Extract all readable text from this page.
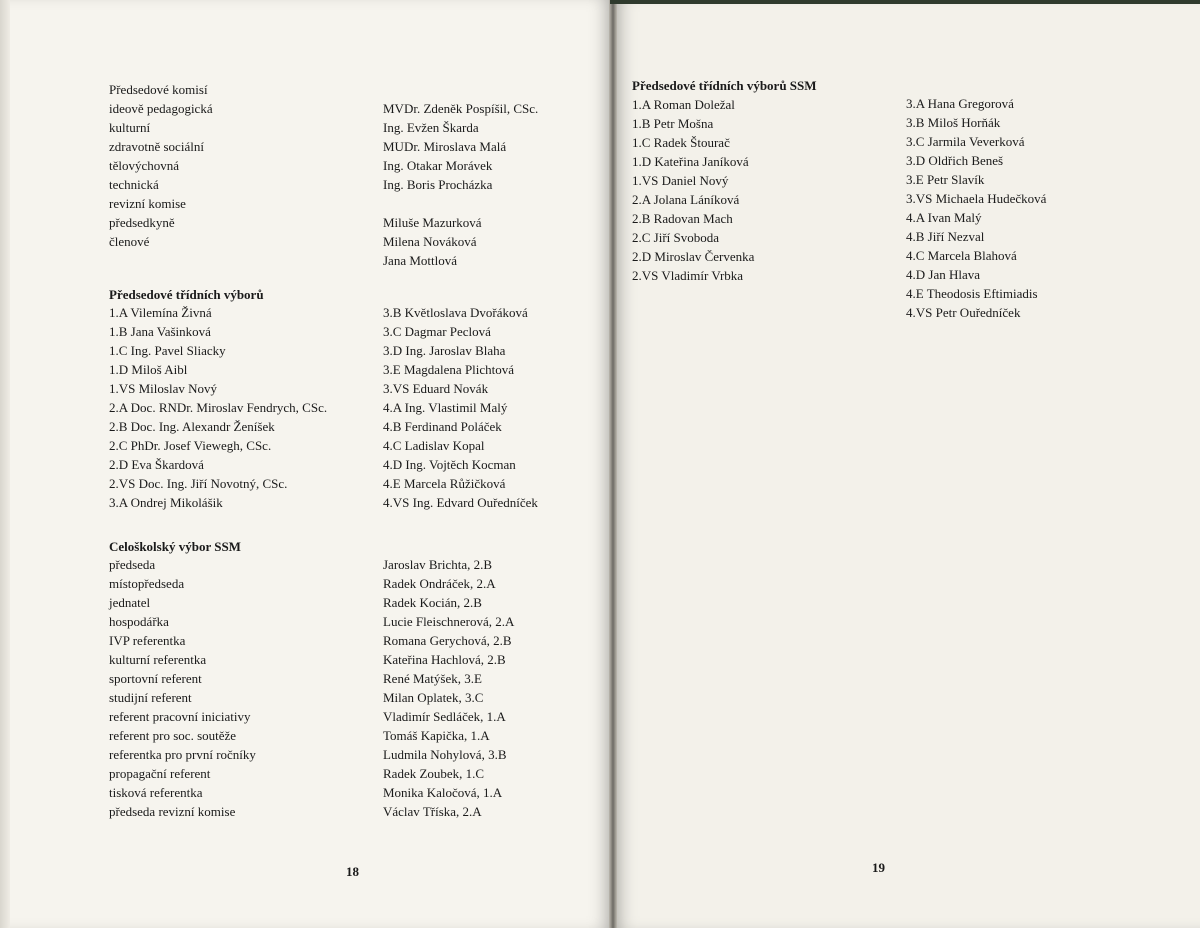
Předsedové komisí
ideově pedagogická
kulturní
zdravotně sociální
tělovýchovná
technická
revizní komise
předsedkyně
členové
MVDr. Zdeněk Pospíšil, CSc.
Ing. Evžen Škarda
MUDr. Miroslava Malá
Ing. Otakar Morávek
Ing. Boris Procházka
Miluše Mazurková
Milena Nováková
Jana Mottlová
Předsedové třídních výborů
1.A Vilemína Živná
1.B Jana Vašinková
1.C Ing. Pavel Sliacky
1.D Miloš Aibl
1.VS Miloslav Nový
2.A Doc. RNDr. Miroslav Fendrych, CSc.
2.B Doc. Ing. Alexandr Ženíšek
2.C PhDr. Josef Viewegh, CSc.
2.D Eva Škardová
2.VS Doc. Ing. Jiří Novotný, CSc.
3.A Ondrej Mikolášik
3.B Květloslava Dvořáková
3.C Dagmar Peclová
3.D Ing. Jaroslav Blaha
3.E Magdalena Plichtová
3.VS Eduard Novák
4.A Ing. Vlastimil Malý
4.B Ferdinand Poláček
4.C Ladislav Kopal
4.D Ing. Vojtěch Kocman
4.E Marcela Růžičková
4.VS Ing. Edvard Ouředníček
Celoškolský výbor SSM
předseda
místopředseda
jednatel
hospodářka
IVP referentka
kulturní referentka
sportovní referent
studijní referent
referent pracovní iniciativy
referent pro soc. soutěže
referentka pro první ročníky
propagační referent
tisková referentka
předseda revizní komise
Jaroslav Brichta, 2.B
Radek Ondráček, 2.A
Radek Kocián, 2.B
Lucie Fleischnerová, 2.A
Romana Gerychová, 2.B
Kateřina Hachlová, 2.B
René Matýšek, 3.E
Milan Oplatek, 3.C
Vladimír Sedláček, 1.A
Tomáš Kapička, 1.A
Ludmila Nohylová, 3.B
Radek Zoubek, 1.C
Monika Kaločová, 1.A
Václav Tříska, 2.A
18
Předsedové třídních výborů SSM
1.A Roman Doležal
1.B Petr Mošna
1.C Radek Štourač
1.D Kateřina Janíková
1.VS Daniel Nový
2.A Jolana Láníková
2.B Radovan Mach
2.C Jiří Svoboda
2.D Miroslav Červenka
2.VS Vladimír Vrbka
3.A Hana Gregorová
3.B Miloš Horňák
3.C Jarmila Veverková
3.D Oldřich Beneš
3.E Petr Slavík
3.VS Michaela Hudečková
4.A Ivan Malý
4.B Jiří Nezval
4.C Marcela Blahová
4.D Jan Hlava
4.E Theodosis Eftimiadis
4.VS Petr Ouředníček
19
